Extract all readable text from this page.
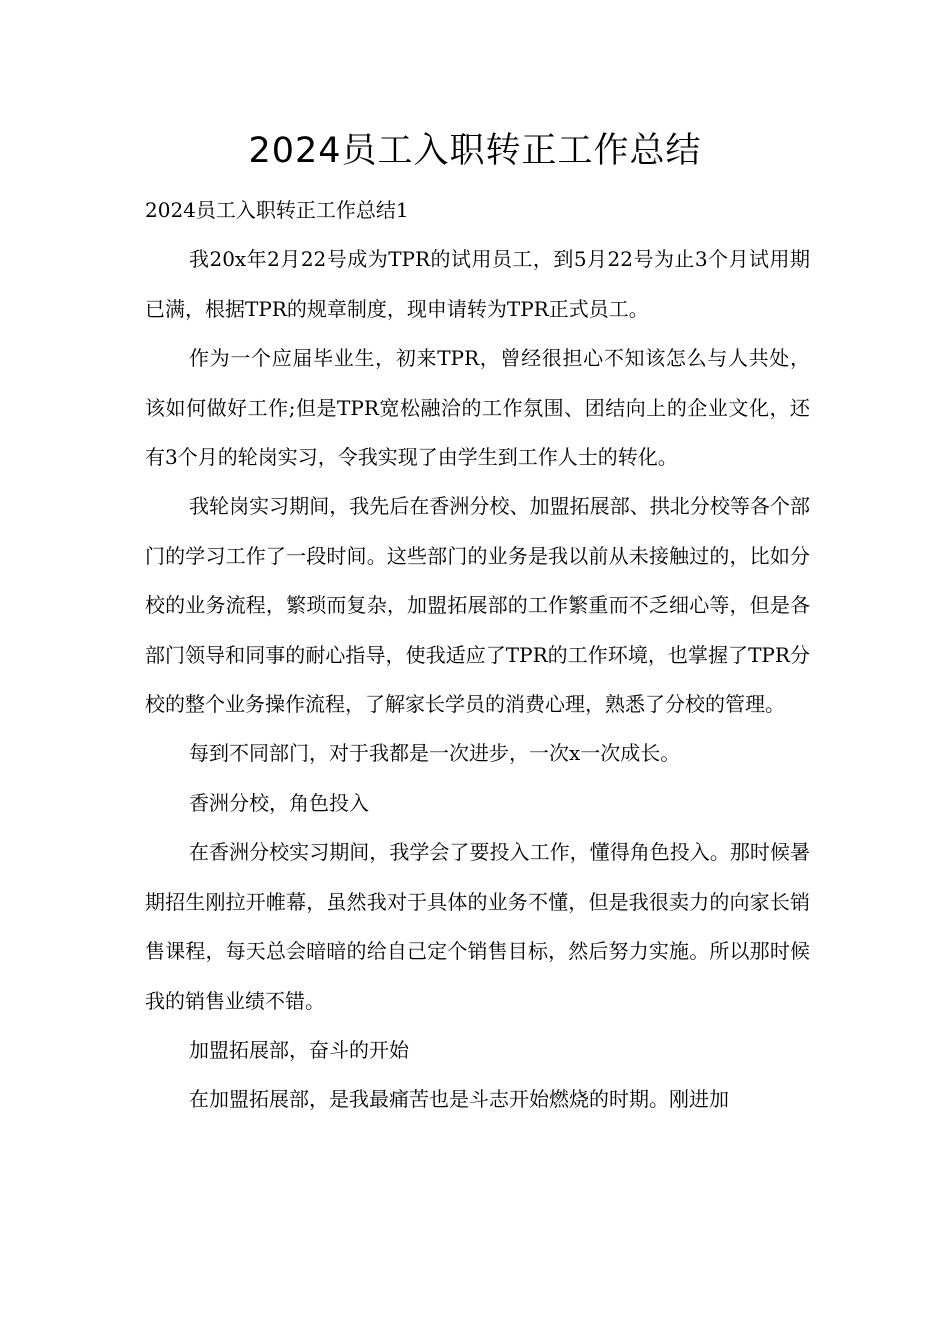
2024员工入职转正工作总结

2024员工入职转正工作总结1

我20x年2月22号成为TPR的试用员工，到5月22号为止3个月试用期已满，根据TPR的规章制度，现申请转为TPR正式员工。

作为一个应届毕业生，初来TPR，曾经很担心不知该怎么与人共处，该如何做好工作;但是TPR宽松融洽的工作氛围、团结向上的企业文化，还有3个月的轮岗实习，令我实现了由学生到工作人士的转化。

我轮岗实习期间，我先后在香洲分校、加盟拓展部、拱北分校等各个部门的学习工作了一段时间。这些部门的业务是我以前从未接触过的，比如分校的业务流程，繁琐而复杂，加盟拓展部的工作繁重而不乏细心等，但是各部门领导和同事的耐心指导，使我适应了TPR的工作环境，也掌握了TPR分校的整个业务操作流程，了解家长学员的消费心理，熟悉了分校的管理。

每到不同部门，对于我都是一次进步，一次x一次成长。

香洲分校，角色投入

在香洲分校实习期间，我学会了要投入工作，懂得角色投入。那时候暑期招生刚拉开帷幕，虽然我对于具体的业务不懂，但是我很卖力的向家长销售课程，每天总会暗暗的给自己定个销售目标，然后努力实施。所以那时候我的销售业绩不错。

加盟拓展部，奋斗的开始

在加盟拓展部，是我最痛苦也是斗志开始燃烧的时期。刚进加
